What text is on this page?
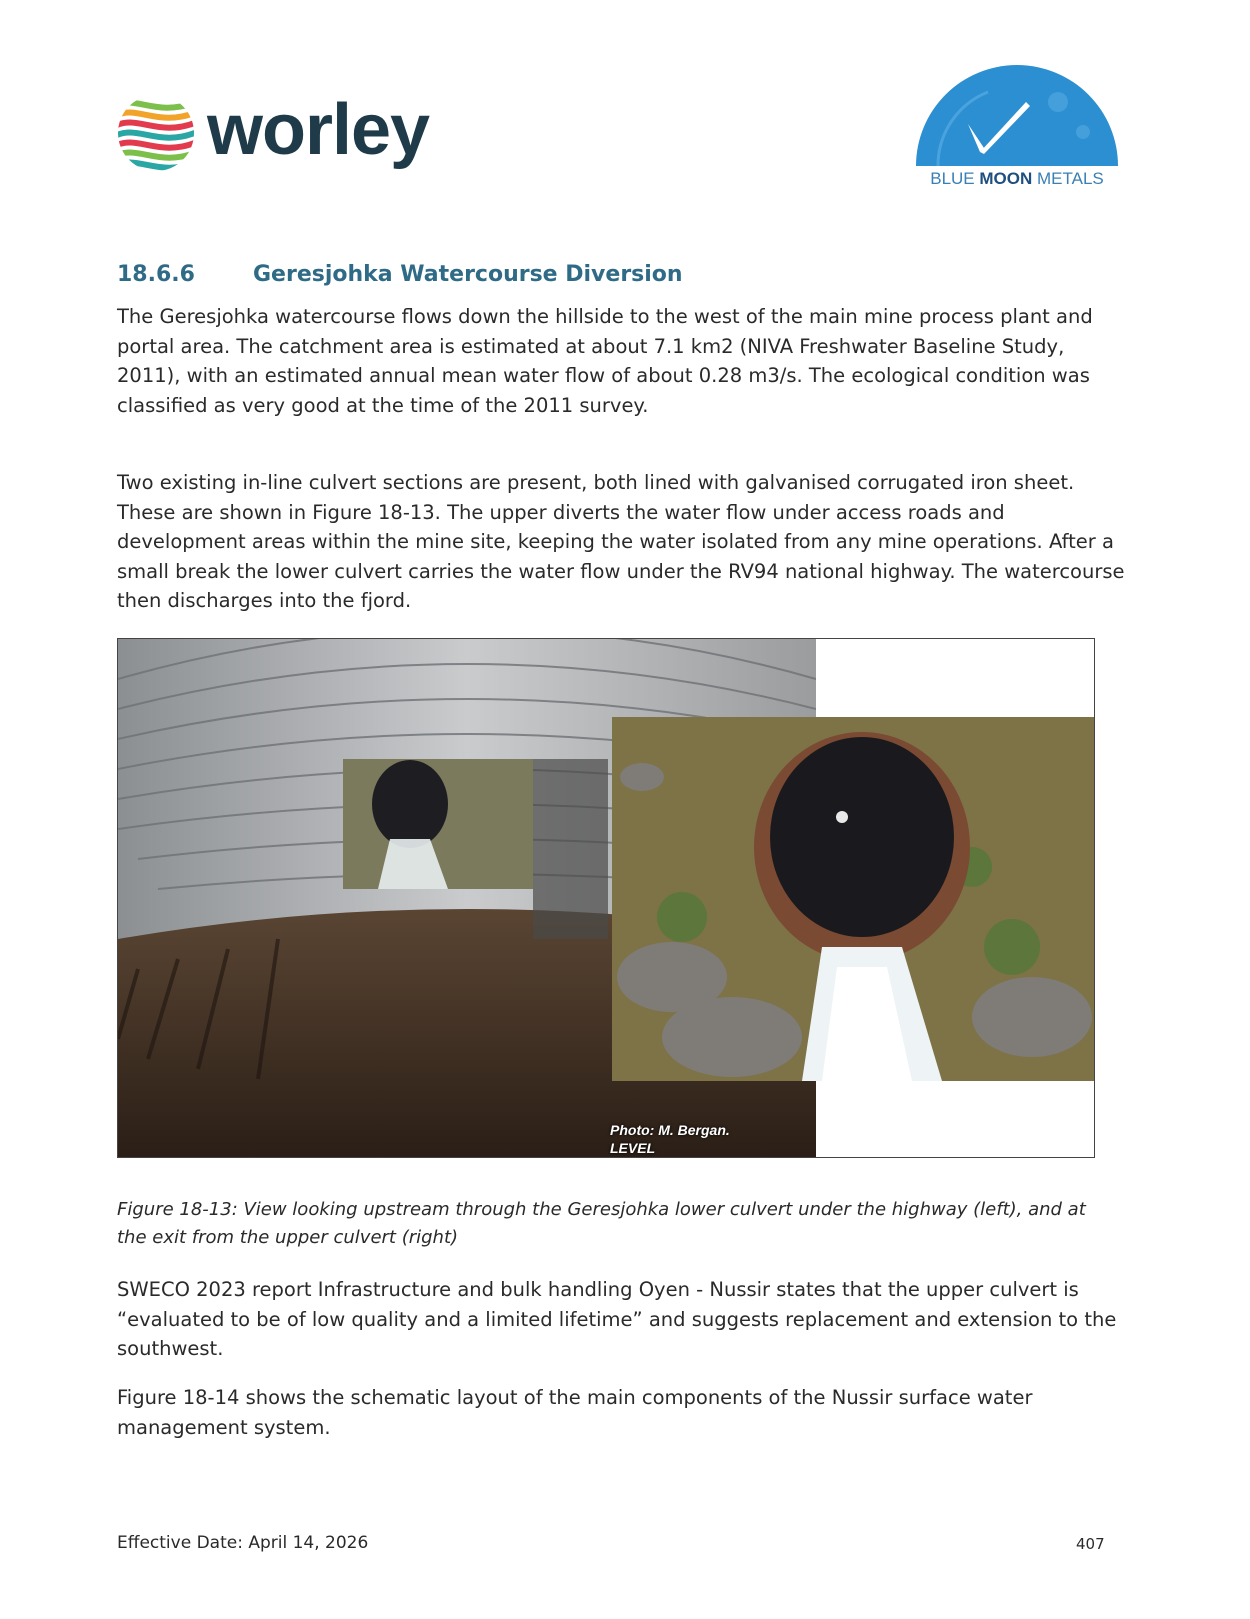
worley
BLUE MOON METALS
18.6.6	Geresjohka Watercourse Diversion
The Geresjohka watercourse flows down the hillside to the west of the main mine process plant and portal area. The catchment area is estimated at about 7.1 km2 (NIVA Freshwater Baseline Study, 2011), with an estimated annual mean water flow of about 0.28 m3/s. The ecological condition was classified as very good at the time of the 2011 survey.
Two existing in-line culvert sections are present, both lined with galvanised corrugated iron sheet. These are shown in Figure 18-13. The upper diverts the water flow under access roads and development areas within the mine site, keeping the water isolated from any mine operations. After a small break the lower culvert carries the water flow under the RV94 national highway. The watercourse then discharges into the fjord.
Photo: M. Bergan.
LEVEL
Figure 18-13: View looking upstream through the Geresjohka lower culvert under the highway (left), and at the exit from the upper culvert (right)
SWECO 2023 report Infrastructure and bulk handling Oyen - Nussir states that the upper culvert is “evaluated to be of low quality and a limited lifetime” and suggests replacement and extension to the southwest.
Figure 18-14 shows the schematic layout of the main components of the Nussir surface water management system.
Effective Date: April 14, 2026	407
